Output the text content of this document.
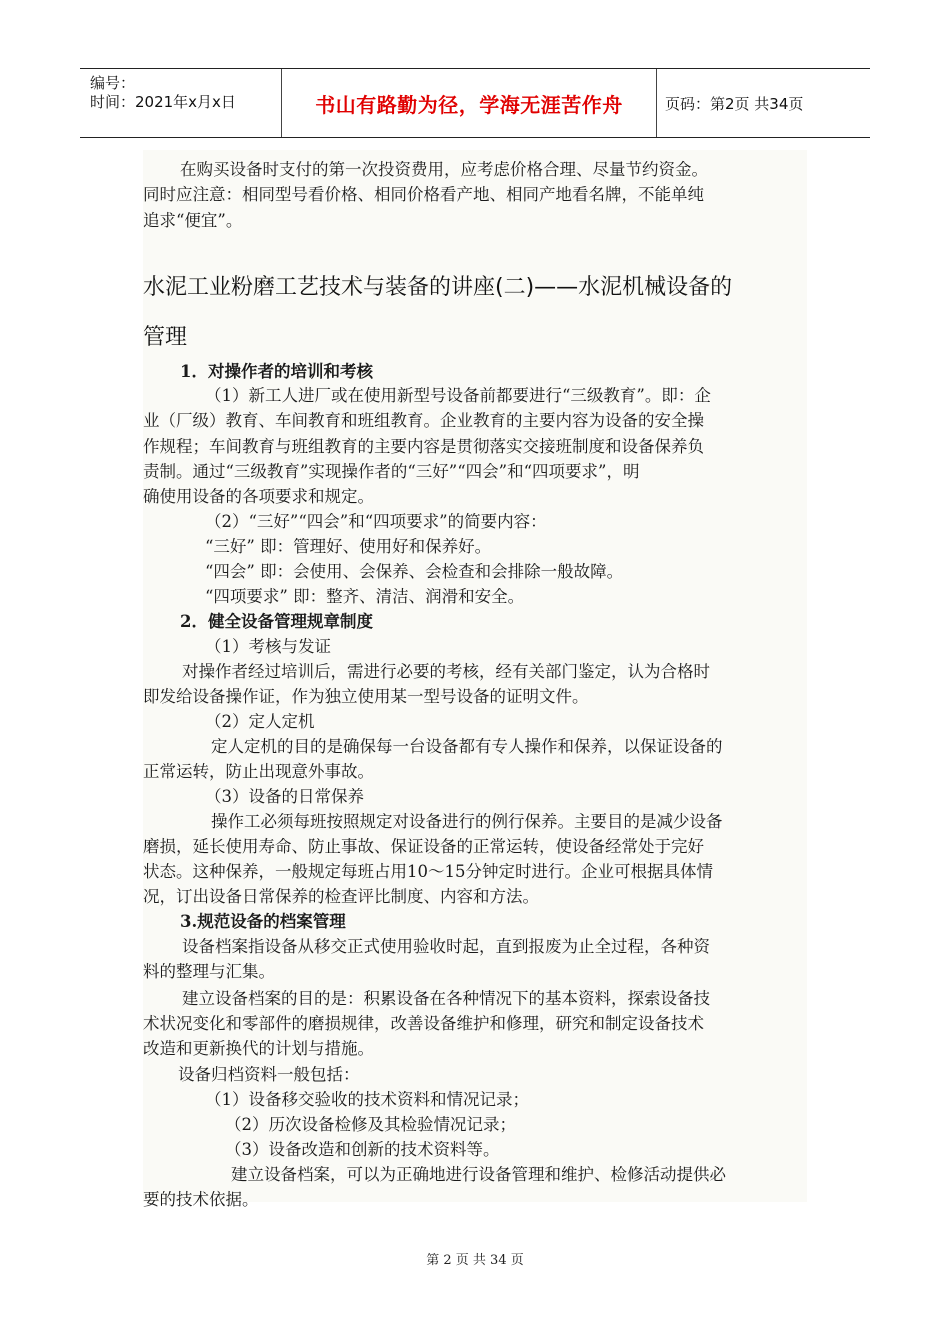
编号：
时间：2021年x月x日	书山有路勤为径，学海无涯苦作舟	页码：第2页 共34页

在购买设备时支付的第一次投资费用，应考虑价格合理、尽量节约资金。

同时应注意：相同型号看价格、相同价格看产地、相同产地看名牌，不能单纯

追求“便宜”。

水泥工业粉磨工艺技术与装备的讲座(二)——水泥机械设备的
管理

1．对操作者的培训和考核

（1）新工人进厂或在使用新型号设备前都要进行“三级教育”。即：企

业（厂级）教育、车间教育和班组教育。企业教育的主要内容为设备的安全操

作规程；车间教育与班组教育的主要内容是贯彻落实交接班制度和设备保养负

责制。通过“三级教育”实现操作者的“三好”“四会”和“四项要求”，明

确使用设备的各项要求和规定。

（2）“三好”“四会”和“四项要求”的简要内容：

“三好” 即：管理好、使用好和保养好。

“四会” 即：会使用、会保养、会检查和会排除一般故障。

“四项要求” 即：整齐、清洁、润滑和安全。

2．健全设备管理规章制度

（1）考核与发证

对操作者经过培训后，需进行必要的考核，经有关部门鉴定，认为合格时

即发给设备操作证，作为独立使用某一型号设备的证明文件。

（2）定人定机

定人定机的目的是确保每一台设备都有专人操作和保养，以保证设备的

正常运转，防止出现意外事故。

（3）设备的日常保养

操作工必须每班按照规定对设备进行的例行保养。主要目的是减少设备

磨损，延长使用寿命、防止事故、保证设备的正常运转，使设备经常处于完好

状态。这种保养，一般规定每班占用10～15分钟定时进行。企业可根据具体情

况，订出设备日常保养的检查评比制度、内容和方法。

3.规范设备的档案管理

设备档案指设备从移交正式使用验收时起，直到报废为止全过程，各种资

料的整理与汇集。

建立设备档案的目的是：积累设备在各种情况下的基本资料，探索设备技

术状况变化和零部件的磨损规律，改善设备维护和修理，研究和制定设备技术

改造和更新换代的计划与措施。

设备归档资料一般包括：

（1）设备移交验收的技术资料和情况记录；

（2）历次设备检修及其检验情况记录；

（3）设备改造和创新的技术资料等。

建立设备档案，可以为正确地进行设备管理和维护、检修活动提供必

要的技术依据。

第 2 页 共 34 页
